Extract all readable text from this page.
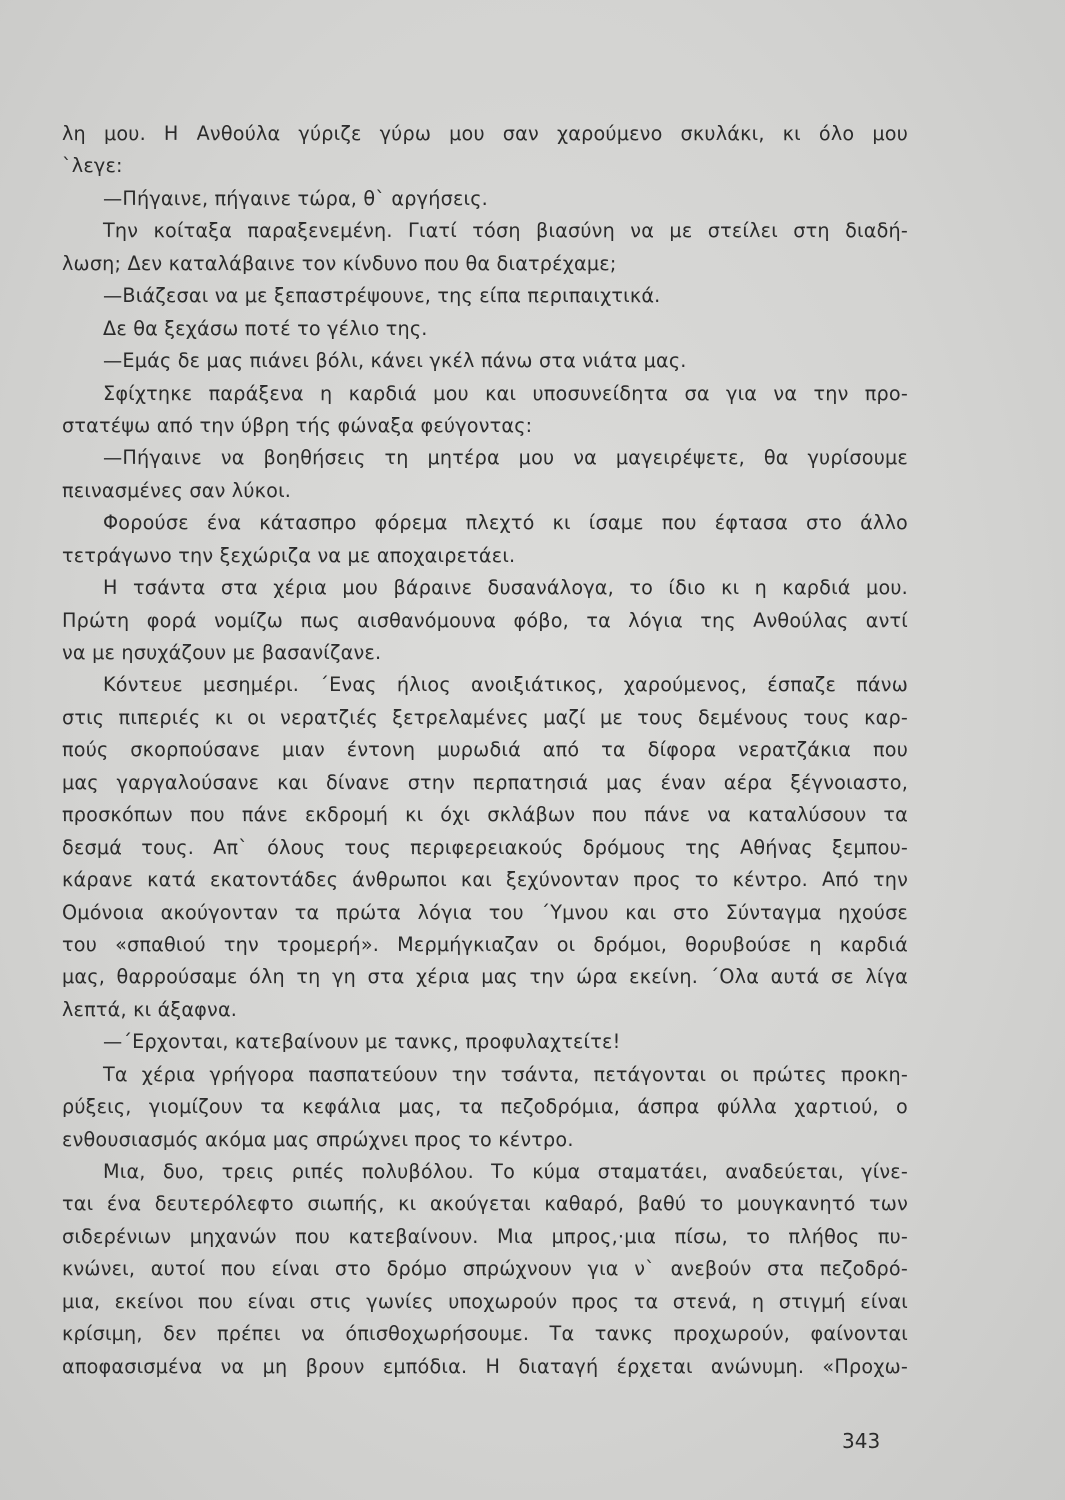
λη μου. Η Ανθούλα γύριζε γύρω μου σαν χαρούμενο σκυλάκι, κι όλο μου
`λεγε:
—Πήγαινε, πήγαινε τώρα, θ` αργήσεις.
Την κοίταξα παραξενεμένη. Γιατί τόση βιασύνη να με στείλει στη διαδή-
λωση; Δεν καταλάβαινε τον κίνδυνο που θα διατρέχαμε;
—Βιάζεσαι να με ξεπαστρέψουνε, της είπα περιπαιχτικά.
Δε θα ξεχάσω ποτέ το γέλιο της.
—Εμάς δε μας πιάνει βόλι, κάνει γκέλ πάνω στα νιάτα μας.
Σφίχτηκε παράξενα η καρδιά μου και υποσυνείδητα σα για να την προ-
στατέψω από την ύβρη τής φώναξα φεύγοντας:
—Πήγαινε να βοηθήσεις τη μητέρα μου να μαγειρέψετε, θα γυρίσουμε
πεινασμένες σαν λύκοι.
Φορούσε ένα κάτασπρο φόρεμα πλεχτό κι ίσαμε που έφτασα στο άλλο
τετράγωνο την ξεχώριζα να με αποχαιρετάει.
Η τσάντα στα χέρια μου βάραινε δυσανάλογα, το ίδιο κι η καρδιά μου.
Πρώτη φορά νομίζω πως αισθανόμουνα φόβο, τα λόγια της Ανθούλας αντί
να με ησυχάζουν με βασανίζανε.
Κόντευε μεσημέρι. ΄Ενας ήλιος ανοιξιάτικος, χαρούμενος, έσπαζε πάνω
στις πιπεριές κι οι νερατζιές ξετρελαμένες μαζί με τους δεμένους τους καρ-
πούς σκορπούσανε μιαν έντονη μυρωδιά από τα δίφορα νερατζάκια που
μας γαργαλούσανε και δίνανε στην περπατησιά μας έναν αέρα ξέγνοιαστο,
προσκόπων που πάνε εκδρομή κι όχι σκλάβων που πάνε να καταλύσουν τα
δεσμά τους. Απ` όλους τους περιφερειακούς δρόμους της Αθήνας ξεμπου-
κάρανε κατά εκατοντάδες άνθρωποι και ξεχύνονταν προς το κέντρο. Από την
Ομόνοια ακούγονταν τα πρώτα λόγια του ΄Υμνου και στο Σύνταγμα ηχούσε
του «σπαθιού την τρομερή». Μερμήγκιαζαν οι δρόμοι, θορυβούσε η καρδιά
μας, θαρρούσαμε όλη τη γη στα χέρια μας την ώρα εκείνη. ΄Ολα αυτά σε λίγα
λεπτά, κι άξαφνα.
—΄Ερχονται, κατεβαίνουν με τανκς, προφυλαχτείτε!
Τα χέρια γρήγορα πασπατεύουν την τσάντα, πετάγονται οι πρώτες προκη-
ρύξεις, γιομίζουν τα κεφάλια μας, τα πεζοδρόμια, άσπρα φύλλα χαρτιού, ο
ενθουσιασμός ακόμα μας σπρώχνει προς το κέντρο.
Μια, δυο, τρεις ριπές πολυβόλου. Το κύμα σταματάει, αναδεύεται, γίνε-
ται ένα δευτερόλεφτο σιωπής, κι ακούγεται καθαρό, βαθύ το μουγκανητό των
σιδερένιων μηχανών που κατεβαίνουν. Μια μπρος,·μια πίσω, το πλήθος πυ-
κνώνει, αυτοί που είναι στο δρόμο σπρώχνουν για ν` ανεβούν στα πεζοδρό-
μια, εκείνοι που είναι στις γωνίες υποχωρούν προς τα στενά, η στιγμή είναι
κρίσιμη, δεν πρέπει να όπισθοχωρήσουμε. Τα τανκς προχωρούν, φαίνονται
αποφασισμένα να μη βρουν εμπόδια. Η διαταγή έρχεται ανώνυμη. «Προχω-
343
